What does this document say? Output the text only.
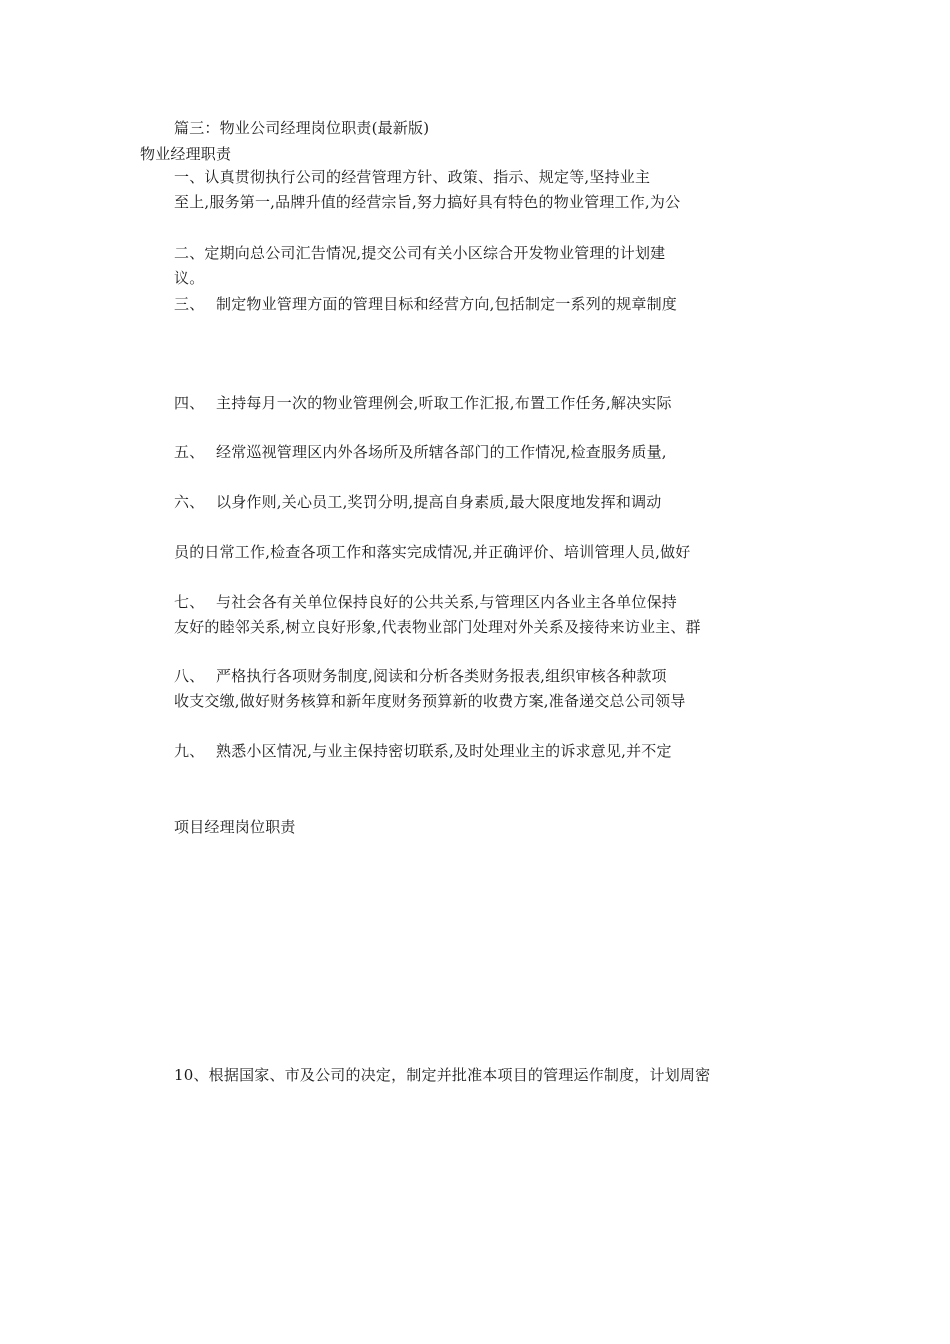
篇三：物业公司经理岗位职责(最新版)
物业经理职责
一、认真贯彻执行公司的经营管理方针、政策、指示、规定等,坚持业主
至上,服务第一,品牌升值的经营宗旨,努力搞好具有特色的物业管理工作,为公
二、定期向总公司汇告情况,提交公司有关小区综合开发物业管理的计划建
议。
三、 制定物业管理方面的管理目标和经营方向,包括制定一系列的规章制度
四、 主持每月一次的物业管理例会,听取工作汇报,布置工作任务,解决实际
五、 经常巡视管理区内外各场所及所辖各部门的工作情况,检查服务质量,
六、 以身作则,关心员工,奖罚分明,提高自身素质,最大限度地发挥和调动
员的日常工作,检查各项工作和落实完成情况,并正确评价、培训管理人员,做好
七、 与社会各有关单位保持良好的公共关系,与管理区内各业主各单位保持
友好的睦邻关系,树立良好形象,代表物业部门处理对外关系及接待来访业主、群
八、 严格执行各项财务制度,阅读和分析各类财务报表,组织审核各种款项
收支交缴,做好财务核算和新年度财务预算新的收费方案,准备递交总公司领导
九、 熟悉小区情况,与业主保持密切联系,及时处理业主的诉求意见,并不定
项目经理岗位职责
10、根据国家、市及公司的决定，制定并批准本项目的管理运作制度，计划周密
